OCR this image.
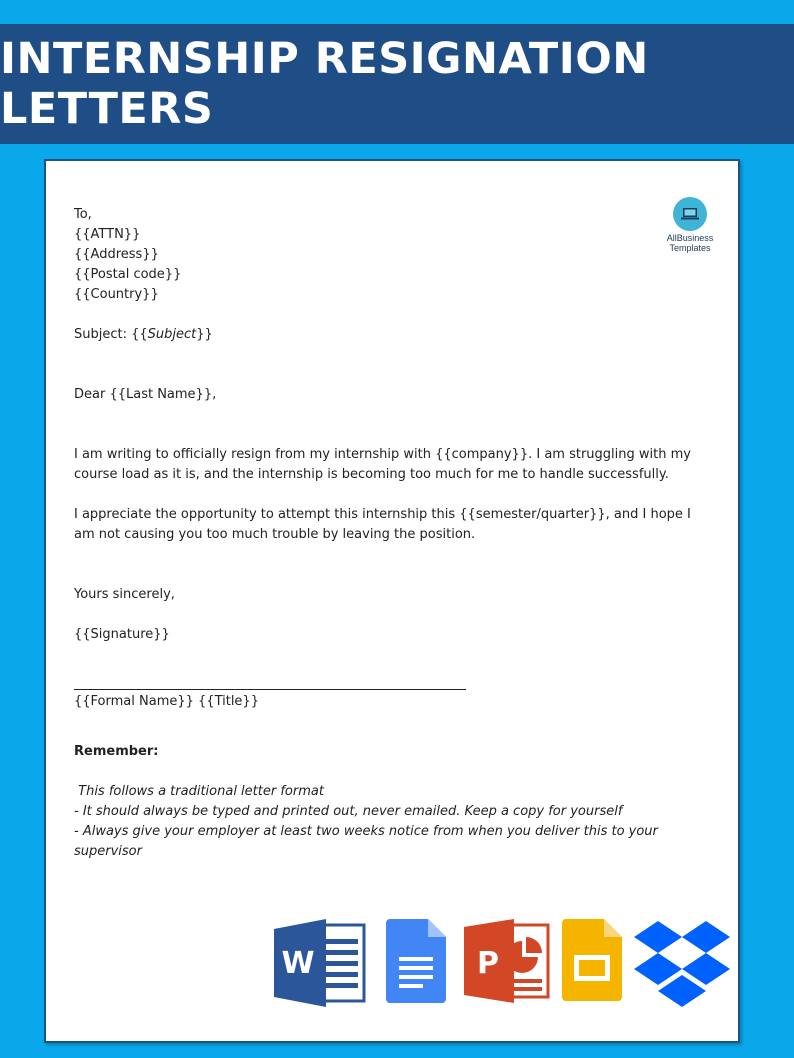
INTERNSHIP RESIGNATION LETTERS
AllBusiness
Templates

To,

{{ATTN}}

{{Address}}

{{Postal code}}

{{Country}}

Subject: {{Subject}}

Dear {{Last Name}},

I am writing to officially resign from my internship with {{company}}. I am struggling with my course load as it is, and the internship is becoming too much for me to handle successfully.

I appreciate the opportunity to attempt this internship this {{semester/quarter}}, and I hope I am not causing you too much trouble by leaving the position.

Yours sincerely,

{{Signature}}

{{Formal Name}} {{Title}}

Remember:

This follows a traditional letter format

- It should always be typed and printed out, never emailed. Keep a copy for yourself

- Always give your employer at least two weeks notice from when you deliver this to your supervisor

W	P
